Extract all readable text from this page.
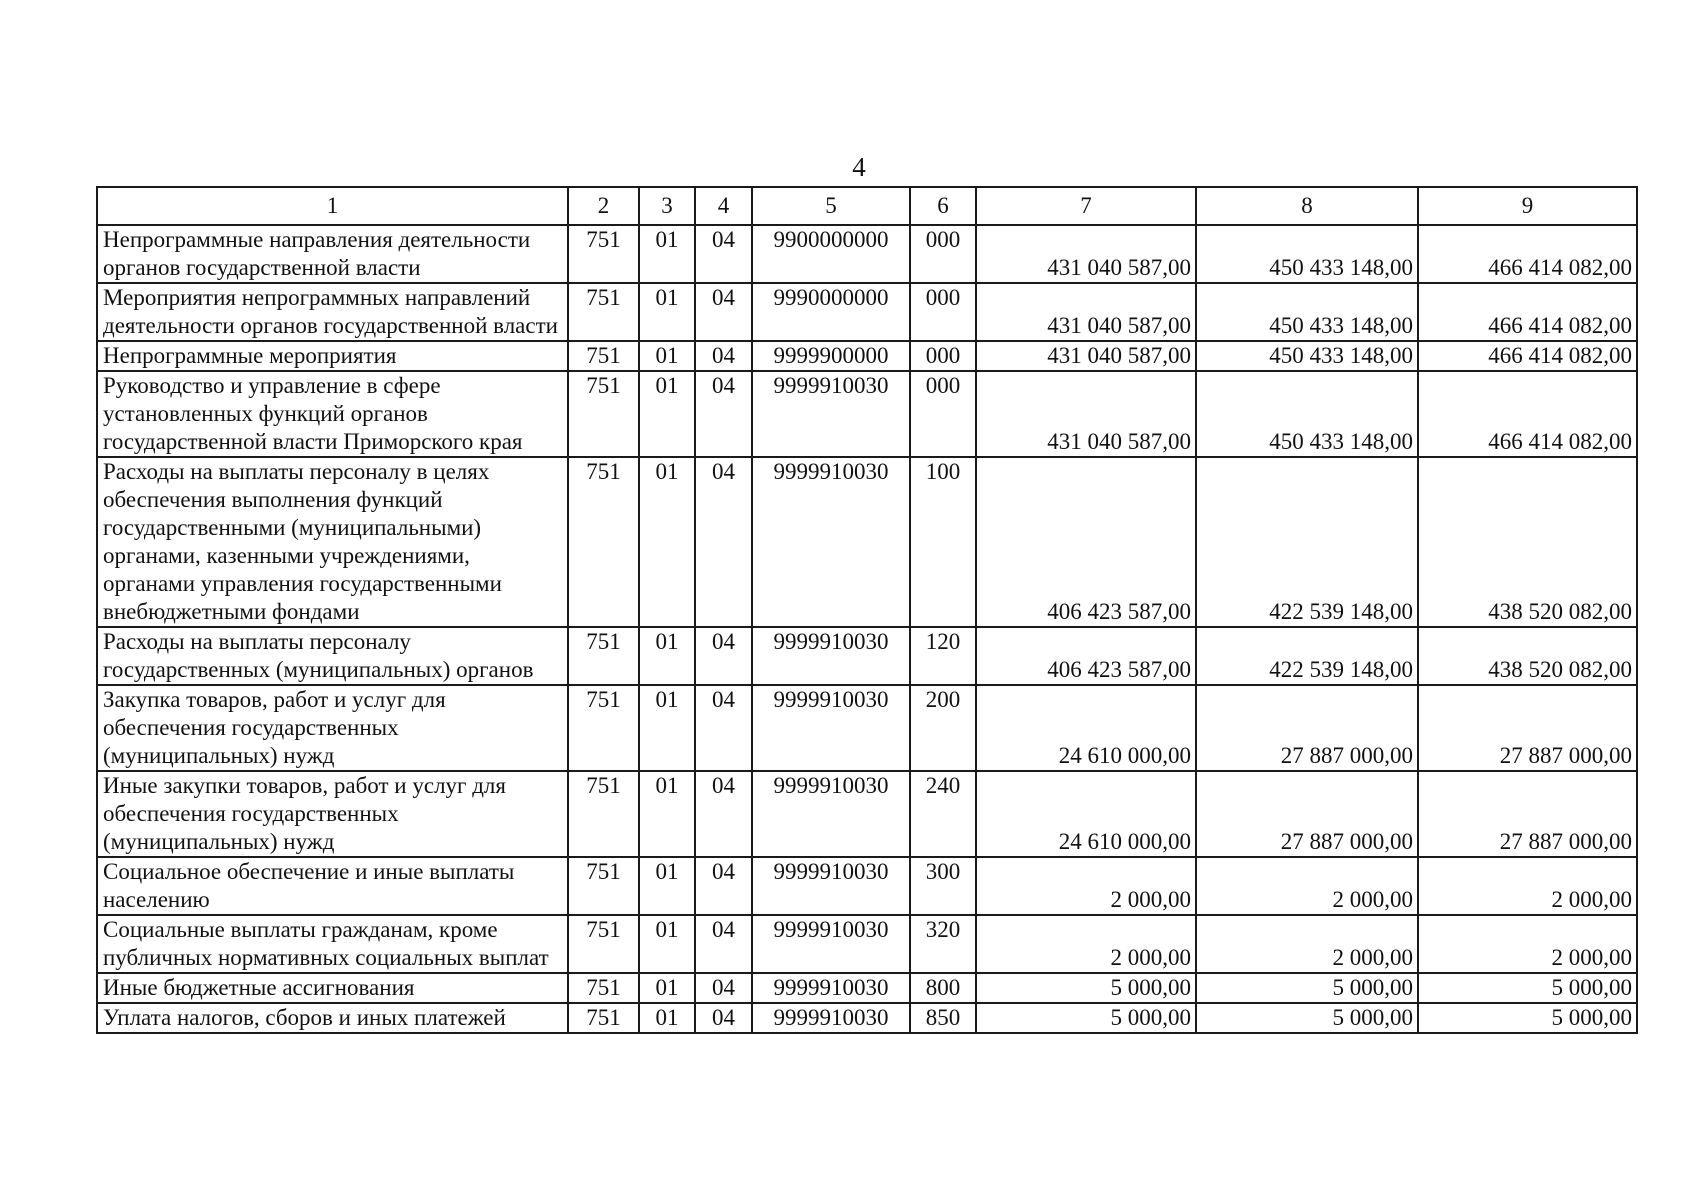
4
1	2	3	4	5	6	7	8	9
Непрограммные направления деятельности органов государственной власти	751	01	04	9900000000	000	431 040 587,00	450 433 148,00	466 414 082,00
Мероприятия непрограммных направлений деятельности органов государственной власти	751	01	04	9990000000	000	431 040 587,00	450 433 148,00	466 414 082,00
Непрограммные мероприятия	751	01	04	9999900000	000	431 040 587,00	450 433 148,00	466 414 082,00
Руководство и управление в сфере установленных функций органов государственной власти Приморского края	751	01	04	9999910030	000	431 040 587,00	450 433 148,00	466 414 082,00
Расходы на выплаты персоналу в целях обеспечения выполнения функций государственными (муниципальными) органами, казенными учреждениями, органами управления государственными внебюджетными фондами	751	01	04	9999910030	100	406 423 587,00	422 539 148,00	438 520 082,00
Расходы на выплаты персоналу государственных (муниципальных) органов	751	01	04	9999910030	120	406 423 587,00	422 539 148,00	438 520 082,00
Закупка товаров, работ и услуг для обеспечения государственных (муниципальных) нужд	751	01	04	9999910030	200	24 610 000,00	27 887 000,00	27 887 000,00
Иные закупки товаров, работ и услуг для обеспечения государственных (муниципальных) нужд	751	01	04	9999910030	240	24 610 000,00	27 887 000,00	27 887 000,00
Социальное обеспечение и иные выплаты населению	751	01	04	9999910030	300	2 000,00	2 000,00	2 000,00
Социальные выплаты гражданам, кроме публичных нормативных социальных выплат	751	01	04	9999910030	320	2 000,00	2 000,00	2 000,00
Иные бюджетные ассигнования	751	01	04	9999910030	800	5 000,00	5 000,00	5 000,00
Уплата налогов, сборов и иных платежей	751	01	04	9999910030	850	5 000,00	5 000,00	5 000,00
